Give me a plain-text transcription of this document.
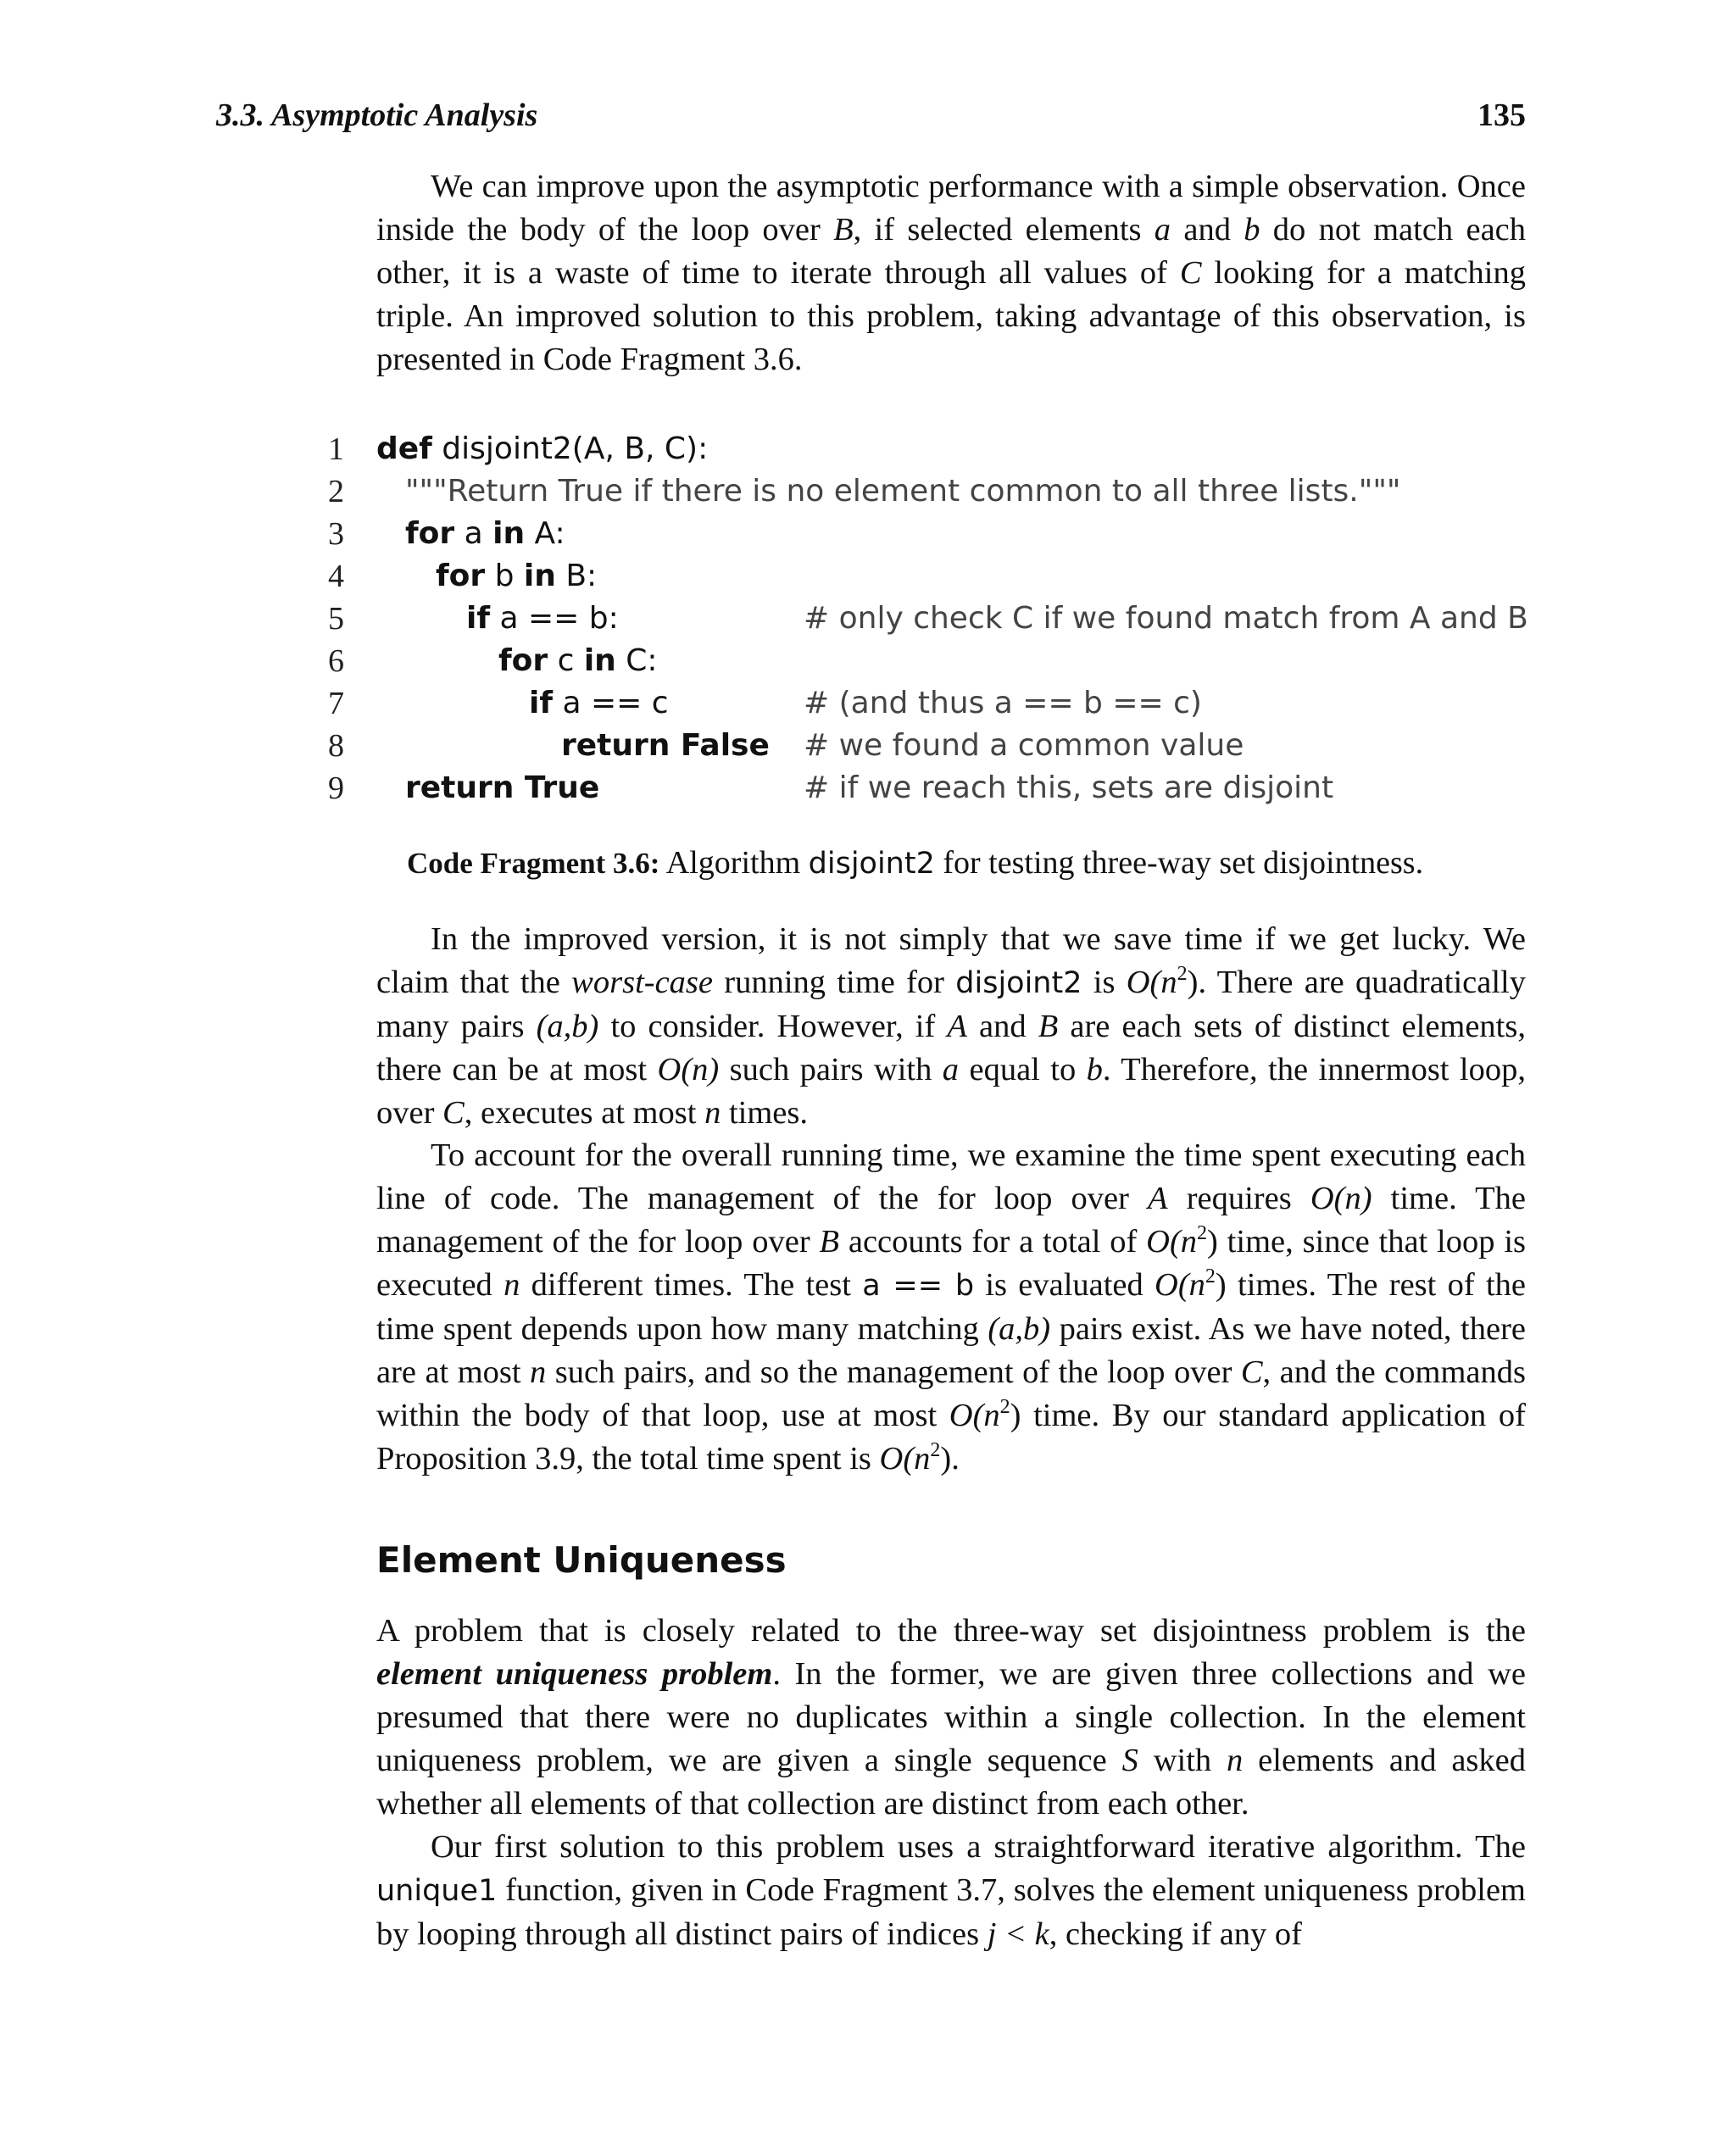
3.3. Asymptotic Analysis	135

We can improve upon the asymptotic performance with a simple observation. Once inside the body of the loop over B, if selected elements a and b do not match each other, it is a waste of time to iterate through all values of C looking for a matching triple. An improved solution to this problem, taking advantage of this observation, is presented in Code Fragment 3.6.

1 def disjoint2(A, B, C):
2 """Return True if there is no element common to all three lists."""
3 for a in A:
4	for b in B:
5	if a == b:	# only check C if we found match from A and B
6	for c in C:
7	if a == c	# (and thus a == b == c)
8	return False # we found a common value
9 return True	# if we reach this, sets are disjoint
Code Fragment 3.6: Algorithm disjoint2 for testing three-way set disjointness.

In the improved version, it is not simply that we save time if we get lucky. We claim that the worst-case running time for disjoint2 is $O(n^2)$. There are quadratically many pairs (a,b) to consider. However, if A and B are each sets of distinct elements, there can be at most O(n) such pairs with a equal to b. Therefore, the innermost loop, over C, executes at most n times.

To account for the overall running time, we examine the time spent executing each line of code. The management of the for loop over A requires O(n) time. The management of the for loop over B accounts for a total of $O(n^2)$ time, since that loop is executed n different times. The test a == b is evaluated $O(n^2)$ times. The rest of the time spent depends upon how many matching (a,b) pairs exist. As we have noted, there are at most n such pairs, and so the management of the loop over C, and the commands within the body of that loop, use at most $O(n^2)$ time. By our standard application of Proposition 3.9, the total time spent is $O(n^2)$.

Element Uniqueness

A problem that is closely related to the three-way set disjointness problem is the element uniqueness problem. In the former, we are given three collections and we presumed that there were no duplicates within a single collection. In the element uniqueness problem, we are given a single sequence S with n elements and asked whether all elements of that collection are distinct from each other.

Our first solution to this problem uses a straightforward iterative algorithm. The unique1 function, given in Code Fragment 3.7, solves the element uniqueness problem by looping through all distinct pairs of indices j < k, checking if any of
